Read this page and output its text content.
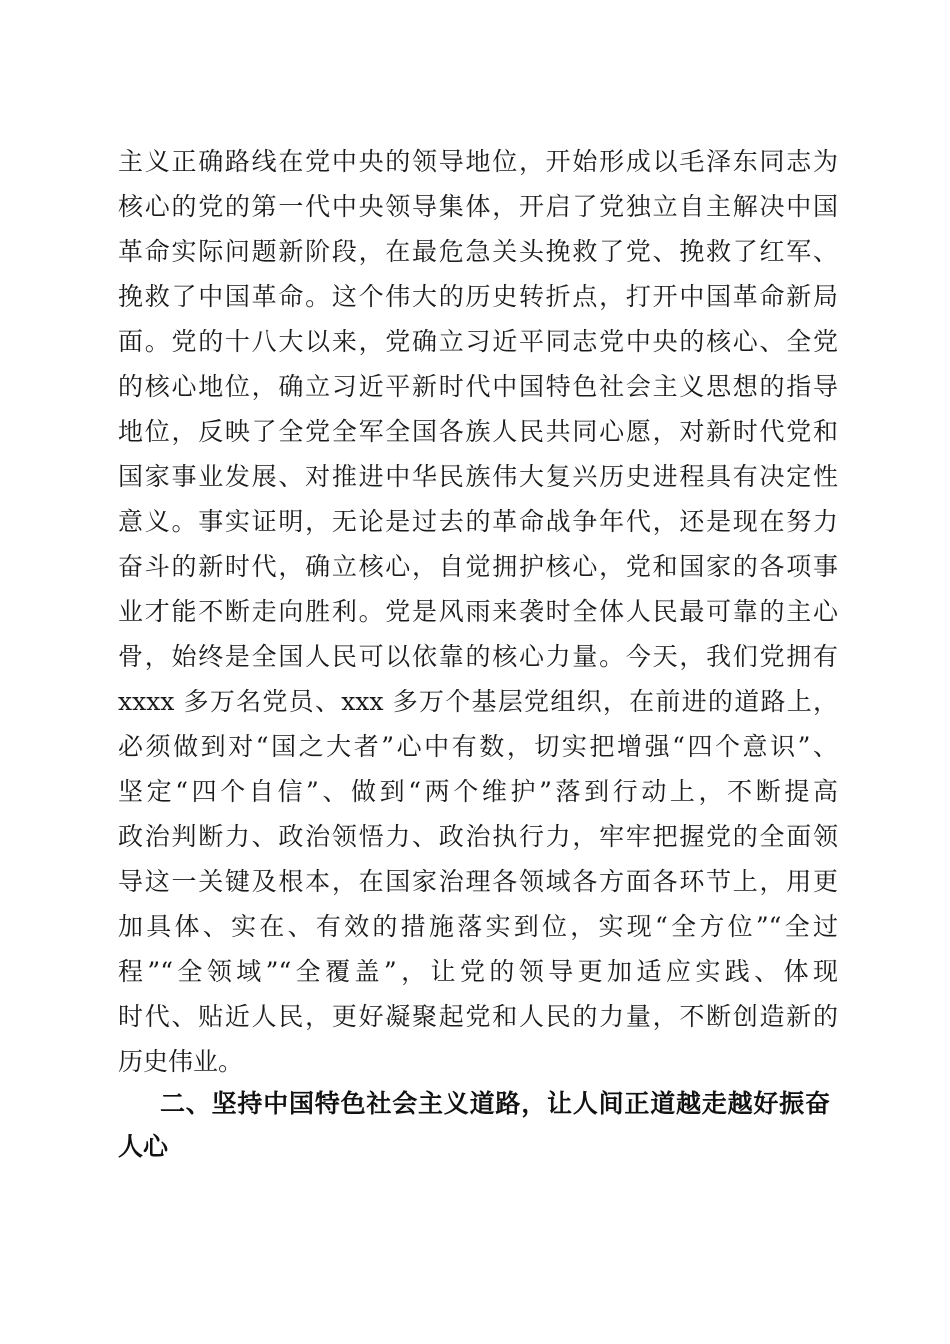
主义正确路线在党中央的领导地位，开始形成以毛泽东同志为
核心的党的第一代中央领导集体，开启了党独立自主解决中国
革命实际问题新阶段，在最危急关头挽救了党、挽救了红军、
挽救了中国革命。这个伟大的历史转折点，打开中国革命新局
面。党的十八大以来，党确立习近平同志党中央的核心、全党
的核心地位，确立习近平新时代中国特色社会主义思想的指导
地位，反映了全党全军全国各族人民共同心愿，对新时代党和
国家事业发展、对推进中华民族伟大复兴历史进程具有决定性
意义。事实证明，无论是过去的革命战争年代，还是现在努力
奋斗的新时代，确立核心，自觉拥护核心，党和国家的各项事
业才能不断走向胜利。党是风雨来袭时全体人民最可靠的主心
骨，始终是全国人民可以依靠的核心力量。今天，我们党拥有
xxxx 多万名党员、xxx 多万个基层党组织，在前进的道路上，
必须做到对“国之大者”心中有数，切实把增强“四个意识”、
坚定“四个自信”、做到“两个维护”落到行动上，不断提高
政治判断力、政治领悟力、政治执行力，牢牢把握党的全面领
导这一关键及根本，在国家治理各领域各方面各环节上，用更
加具体、实在、有效的措施落实到位，实现“全方位”“全过
程”“全领域”“全覆盖”，让党的领导更加适应实践、体现
时代、贴近人民，更好凝聚起党和人民的力量，不断创造新的
历史伟业。
二、坚持中国特色社会主义道路，让人间正道越走越好振奋
人心
